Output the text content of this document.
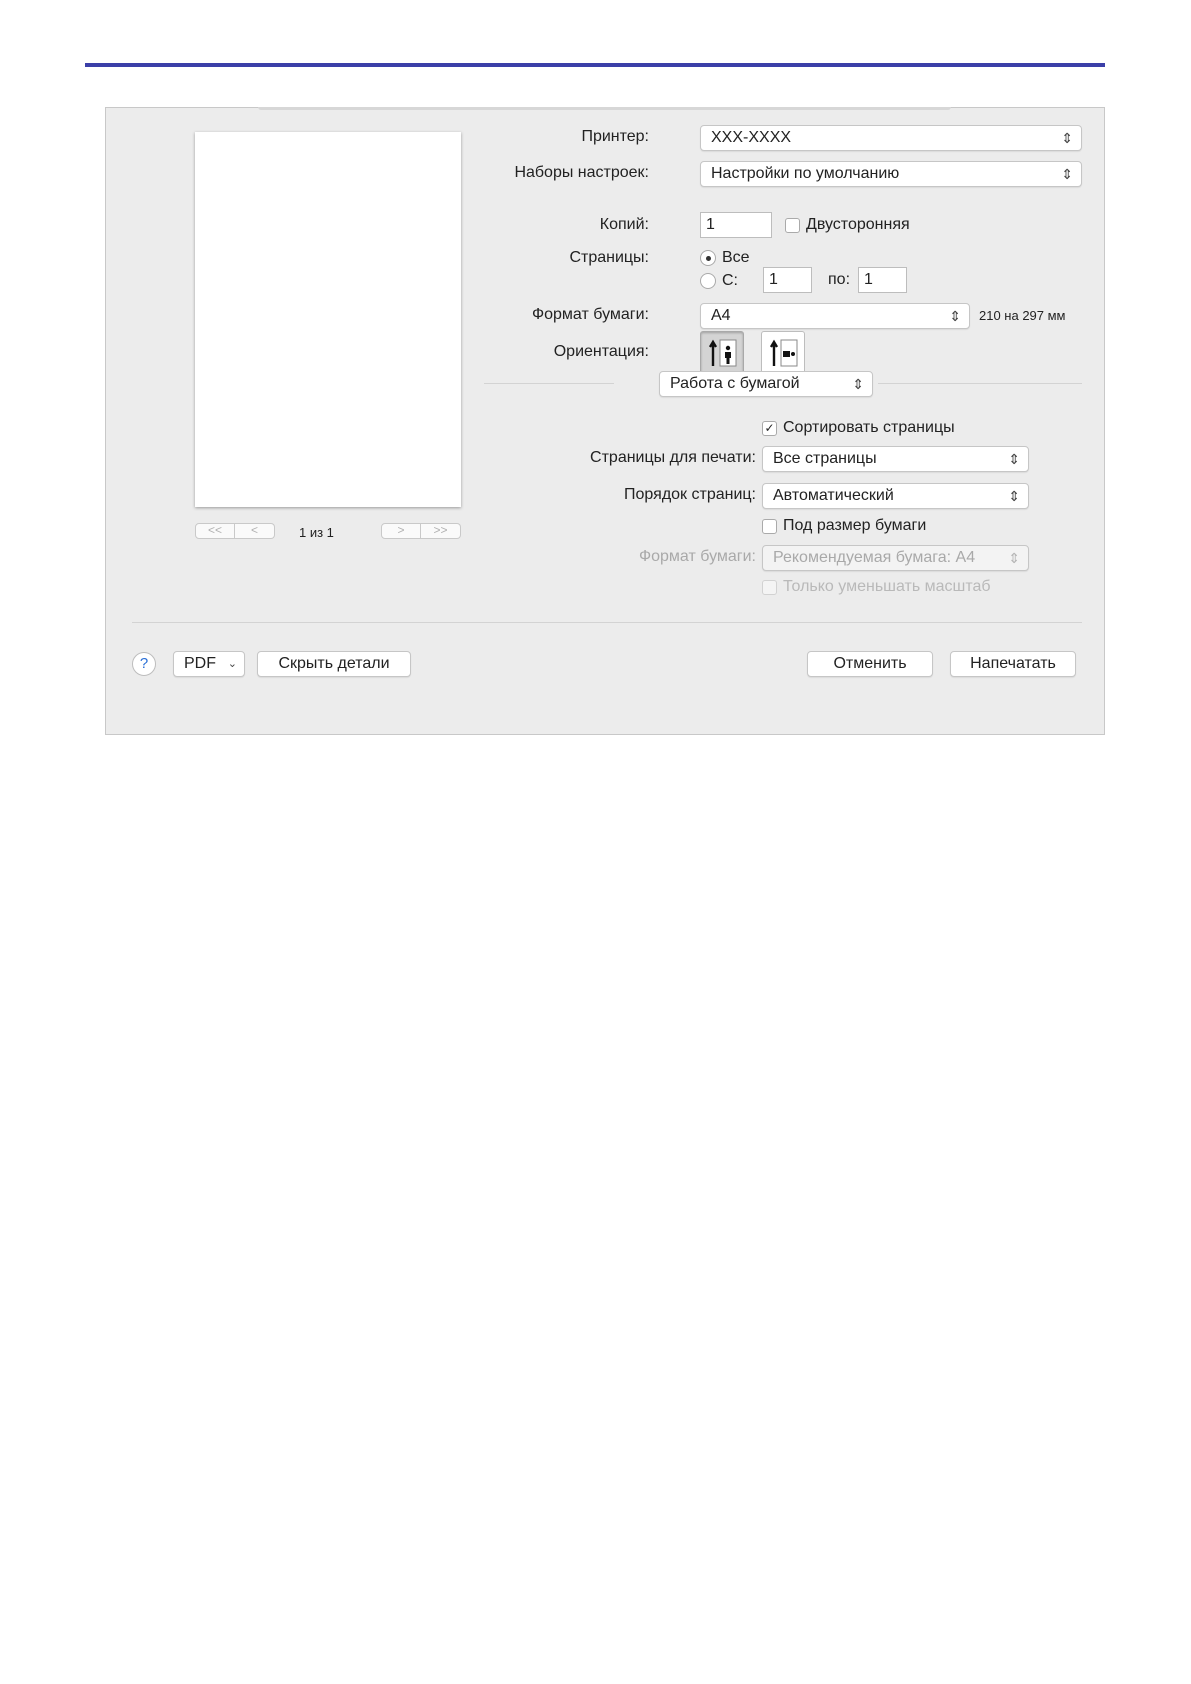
<<	<	1 из 1	>	>>
Принтер:	XXX-XXXX	⇕
Наборы настроек:	Настройки по умолчанию	⇕
Копий:	1	Двусторонняя
Страницы:	Все
С:	1	по: 1
Формат бумаги:	A4	⇕ 210 на 297 мм
Ориентация:
Работа с бумагой	⇕
✓ Сортировать страницы
Страницы для печати:	Все страницы	⇕
Порядок страниц:	Автоматический	⇕
Под размер бумаги
Формат бумаги:	Рекомендуемая бумага: A4 ⇕
Только уменьшать масштаб
?	PDF ⌄	Скрыть детали	Отменить	Напечатать
